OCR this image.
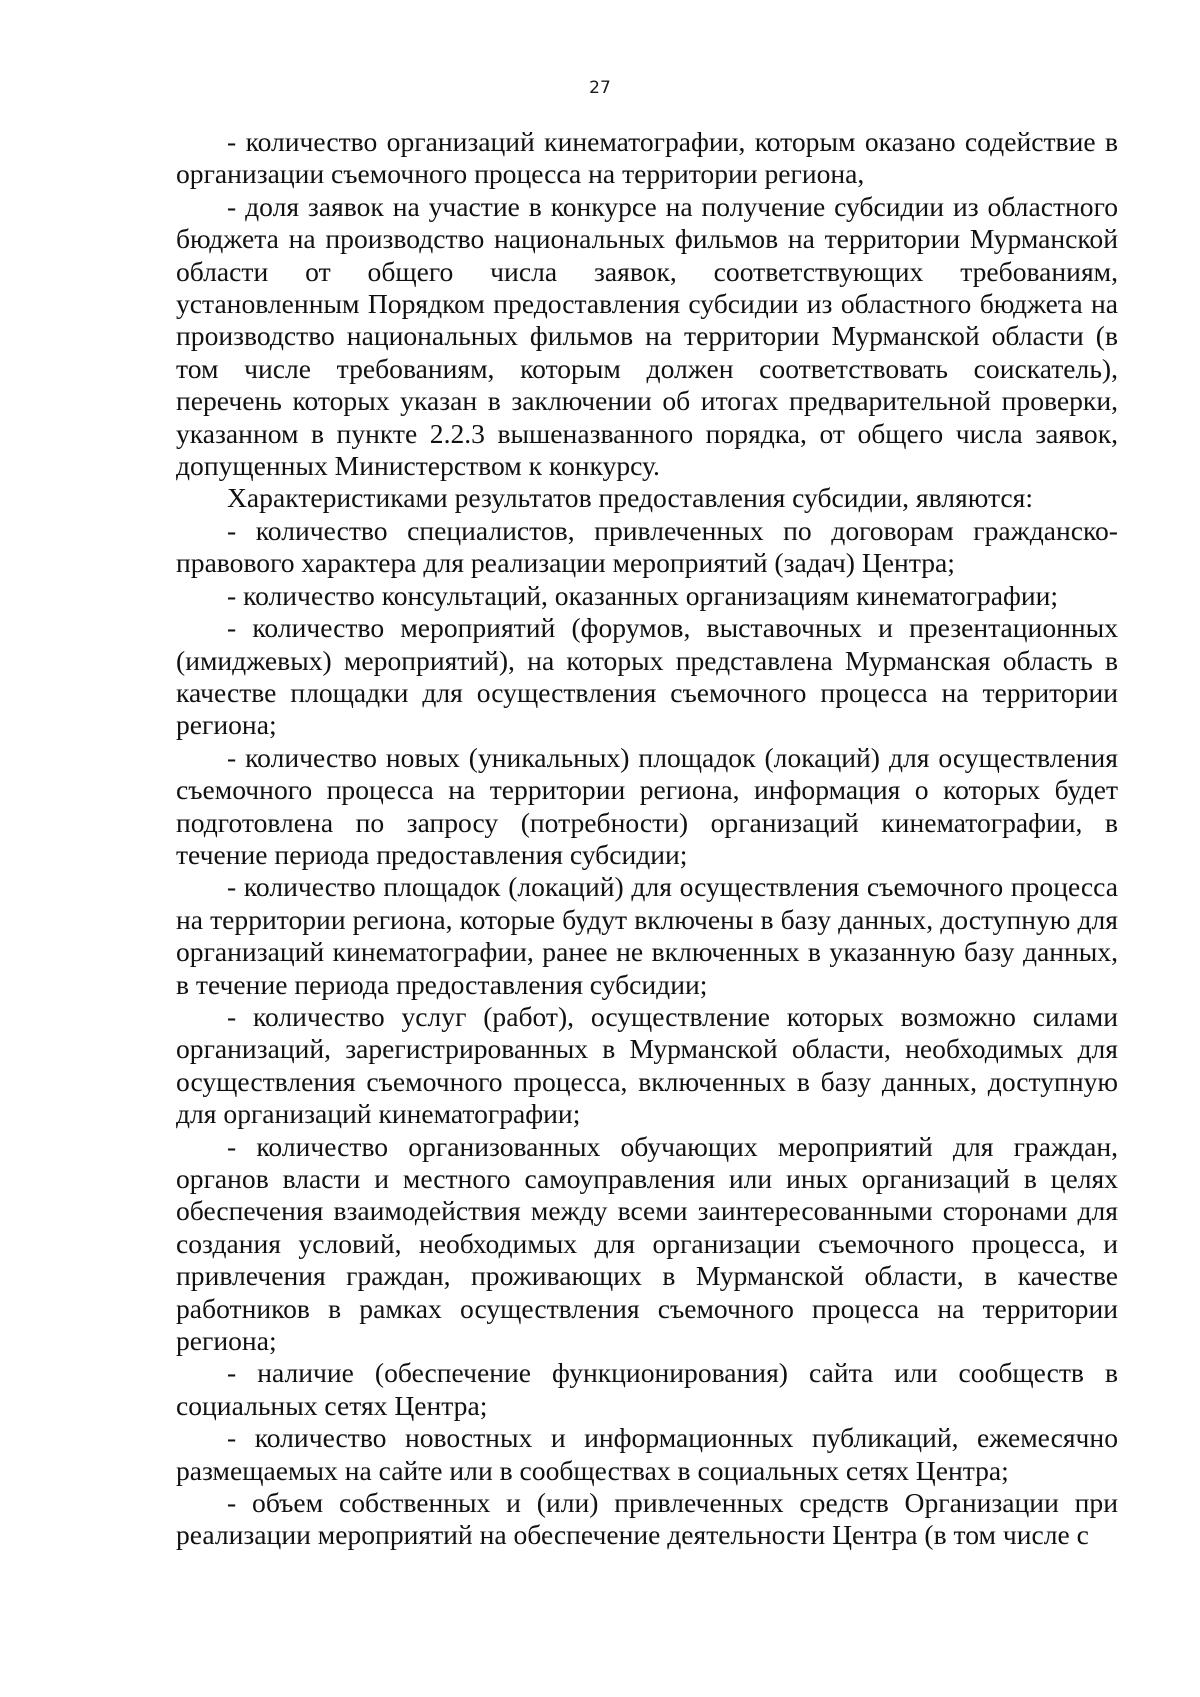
27

- количество организаций кинематографии, которым оказано содействие в организации съемочного процесса на территории региона,

- доля заявок на участие в конкурсе на получение субсидии из областного бюджета на производство национальных фильмов на территории Мурманской области от общего числа заявок, соответствующих требованиям, установленным Порядком предоставления субсидии из областного бюджета на производство национальных фильмов на территории Мурманской области (в том числе требованиям, которым должен соответствовать соискатель), перечень которых указан в заключении об итогах предварительной проверки, указанном в пункте 2.2.3 вышеназванного порядка, от общего числа заявок, допущенных Министерством к конкурсу.

Характеристиками результатов предоставления субсидии, являются:

- количество специалистов, привлеченных по договорам гражданско-правового характера для реализации мероприятий (задач) Центра;

- количество консультаций, оказанных организациям кинематографии;

- количество мероприятий (форумов, выставочных и презентационных (имиджевых) мероприятий), на которых представлена Мурманская область в качестве площадки для осуществления съемочного процесса на территории региона;

- количество новых (уникальных) площадок (локаций) для осуществления съемочного процесса на территории региона, информация о которых будет подготовлена по запросу (потребности) организаций кинематографии, в течение периода предоставления субсидии;

- количество площадок (локаций) для осуществления съемочного процесса на территории региона, которые будут включены в базу данных, доступную для организаций кинематографии, ранее не включенных в указанную базу данных, в течение периода предоставления субсидии;

- количество услуг (работ), осуществление которых возможно силами организаций, зарегистрированных в Мурманской области, необходимых для осуществления съемочного процесса, включенных в базу данных, доступную для организаций кинематографии;

- количество организованных обучающих мероприятий для граждан, органов власти и местного самоуправления или иных организаций в целях обеспечения взаимодействия между всеми заинтересованными сторонами для создания условий, необходимых для организации съемочного процесса, и привлечения граждан, проживающих в Мурманской области, в качестве работников в рамках осуществления съемочного процесса на территории региона;

- наличие (обеспечение функционирования) сайта или сообществ в социальных сетях Центра;

- количество новостных и информационных публикаций, ежемесячно размещаемых на сайте или в сообществах в социальных сетях Центра;

- объем собственных и (или) привлеченных средств Организации при реализации мероприятий на обеспечение деятельности Центра (в том числе с
